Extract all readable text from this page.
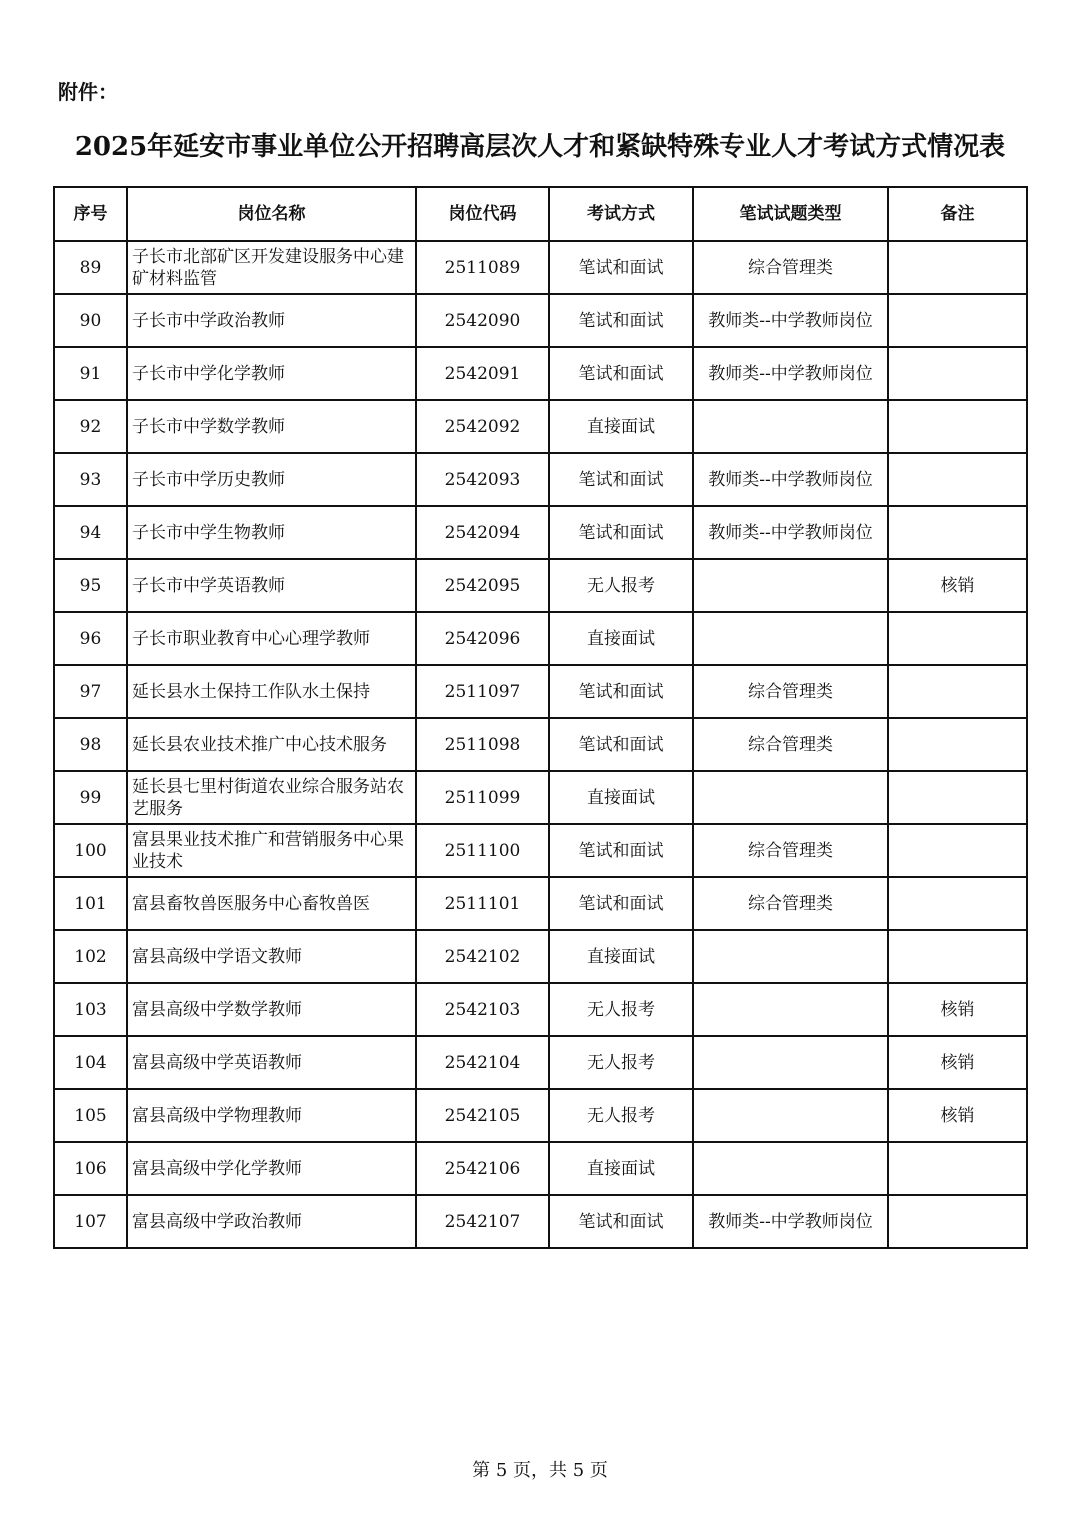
附件：
2025年延安市事业单位公开招聘高层次人才和紧缺特殊专业人才考试方式情况表
序号	岗位名称	岗位代码	考试方式	笔试试题类型	备注
89	子长市北部矿区开发建设服务中心建矿材料监管	2511089	笔试和面试	综合管理类	
90	子长市中学政治教师	2542090	笔试和面试	教师类--中学教师岗位	
91	子长市中学化学教师	2542091	笔试和面试	教师类--中学教师岗位	
92	子长市中学数学教师	2542092	直接面试		
93	子长市中学历史教师	2542093	笔试和面试	教师类--中学教师岗位	
94	子长市中学生物教师	2542094	笔试和面试	教师类--中学教师岗位	
95	子长市中学英语教师	2542095	无人报考		核销
96	子长市职业教育中心心理学教师	2542096	直接面试		
97	延长县水土保持工作队水土保持	2511097	笔试和面试	综合管理类	
98	延长县农业技术推广中心技术服务	2511098	笔试和面试	综合管理类	
99	延长县七里村街道农业综合服务站农艺服务	2511099	直接面试		
100	富县果业技术推广和营销服务中心果业技术	2511100	笔试和面试	综合管理类	
101	富县畜牧兽医服务中心畜牧兽医	2511101	笔试和面试	综合管理类	
102	富县高级中学语文教师	2542102	直接面试		
103	富县高级中学数学教师	2542103	无人报考		核销
104	富县高级中学英语教师	2542104	无人报考		核销
105	富县高级中学物理教师	2542105	无人报考		核销
106	富县高级中学化学教师	2542106	直接面试		
107	富县高级中学政治教师	2542107	笔试和面试	教师类--中学教师岗位	
第 5 页，共 5 页
